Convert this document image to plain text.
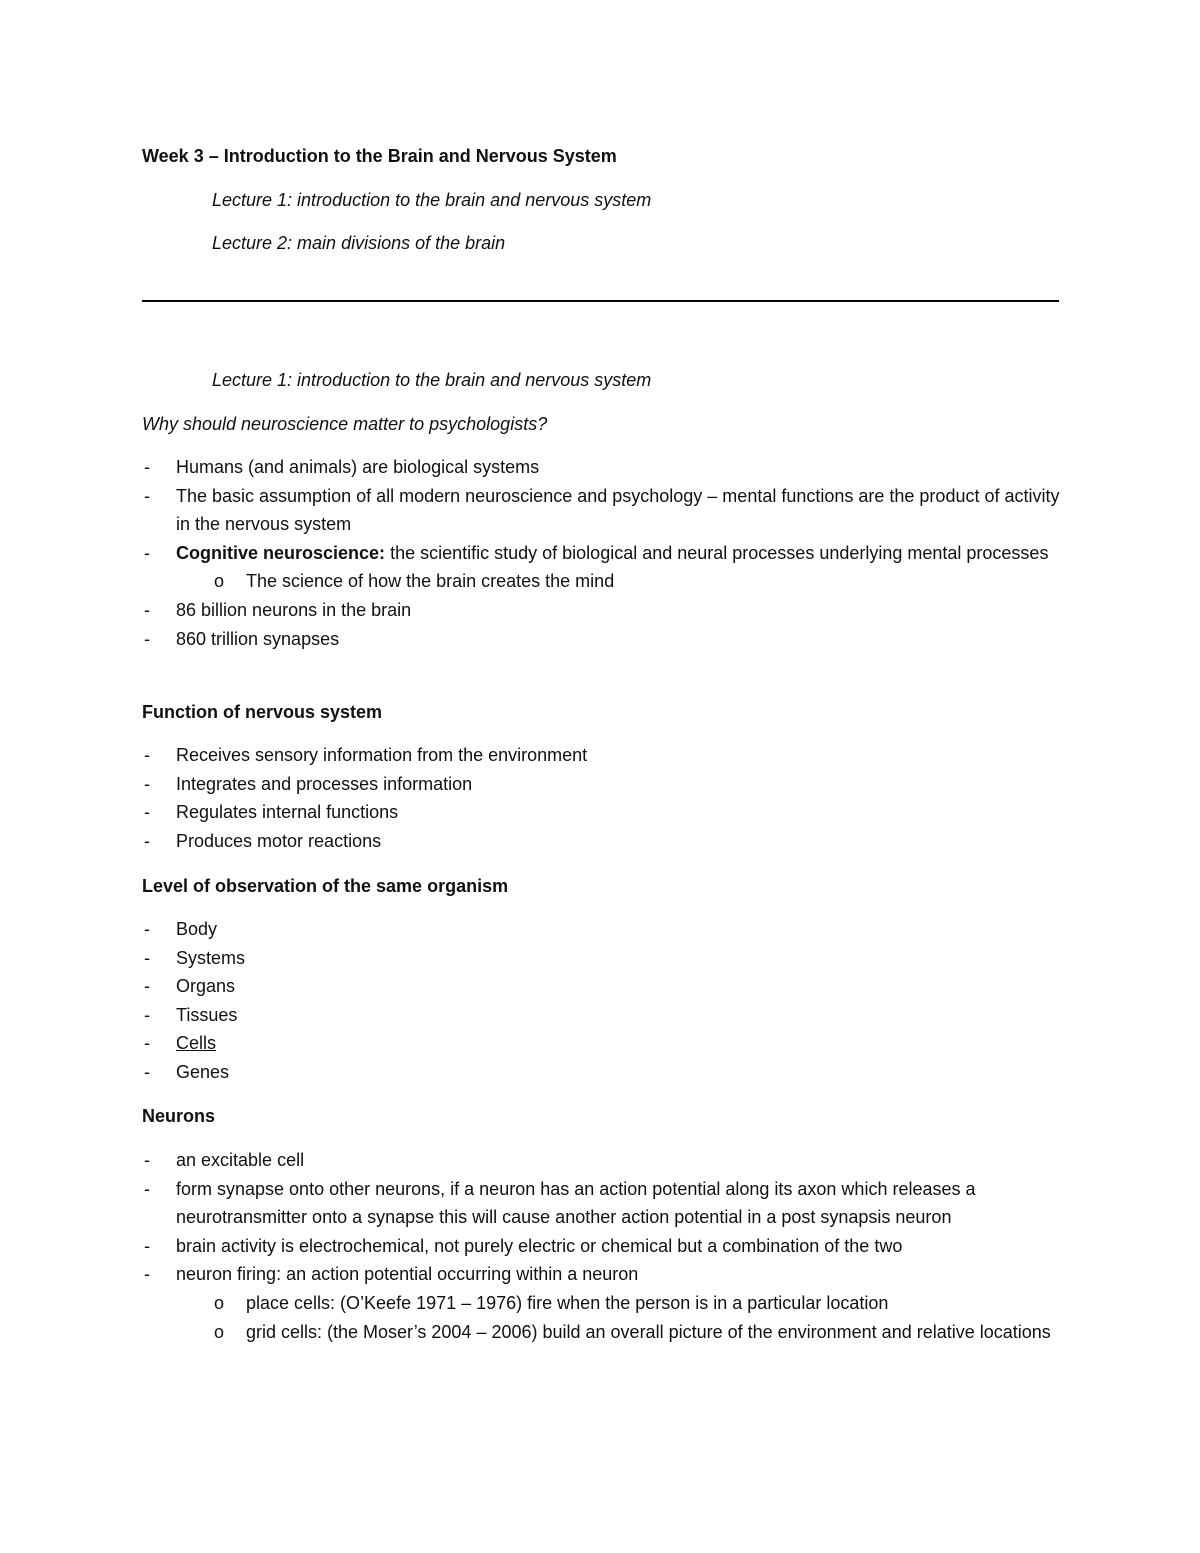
Week 3 – Introduction to the Brain and Nervous System
Lecture 1: introduction to the brain and nervous system
Lecture 2: main divisions of the brain
Lecture 1: introduction to the brain and nervous system
Why should neuroscience matter to psychologists?
- Humans (and animals) are biological systems
- The basic assumption of all modern neuroscience and psychology – mental functions are the product of activity in the nervous system
- Cognitive neuroscience: the scientific study of biological and neural processes underlying mental processes
o The science of how the brain creates the mind
- 86 billion neurons in the brain
- 860 trillion synapses
Function of nervous system
- Receives sensory information from the environment
- Integrates and processes information
- Regulates internal functions
- Produces motor reactions
Level of observation of the same organism
- Body
- Systems
- Organs
- Tissues
- Cells
- Genes
Neurons
- an excitable cell
- form synapse onto other neurons, if a neuron has an action potential along its axon which releases a neurotransmitter onto a synapse this will cause another action potential in a post synapsis neuron
- brain activity is electrochemical, not purely electric or chemical but a combination of the two
- neuron firing: an action potential occurring within a neuron
o place cells: (O’Keefe 1971 – 1976) fire when the person is in a particular location
o grid cells: (the Moser’s 2004 – 2006) build an overall picture of the environment and relative locations
